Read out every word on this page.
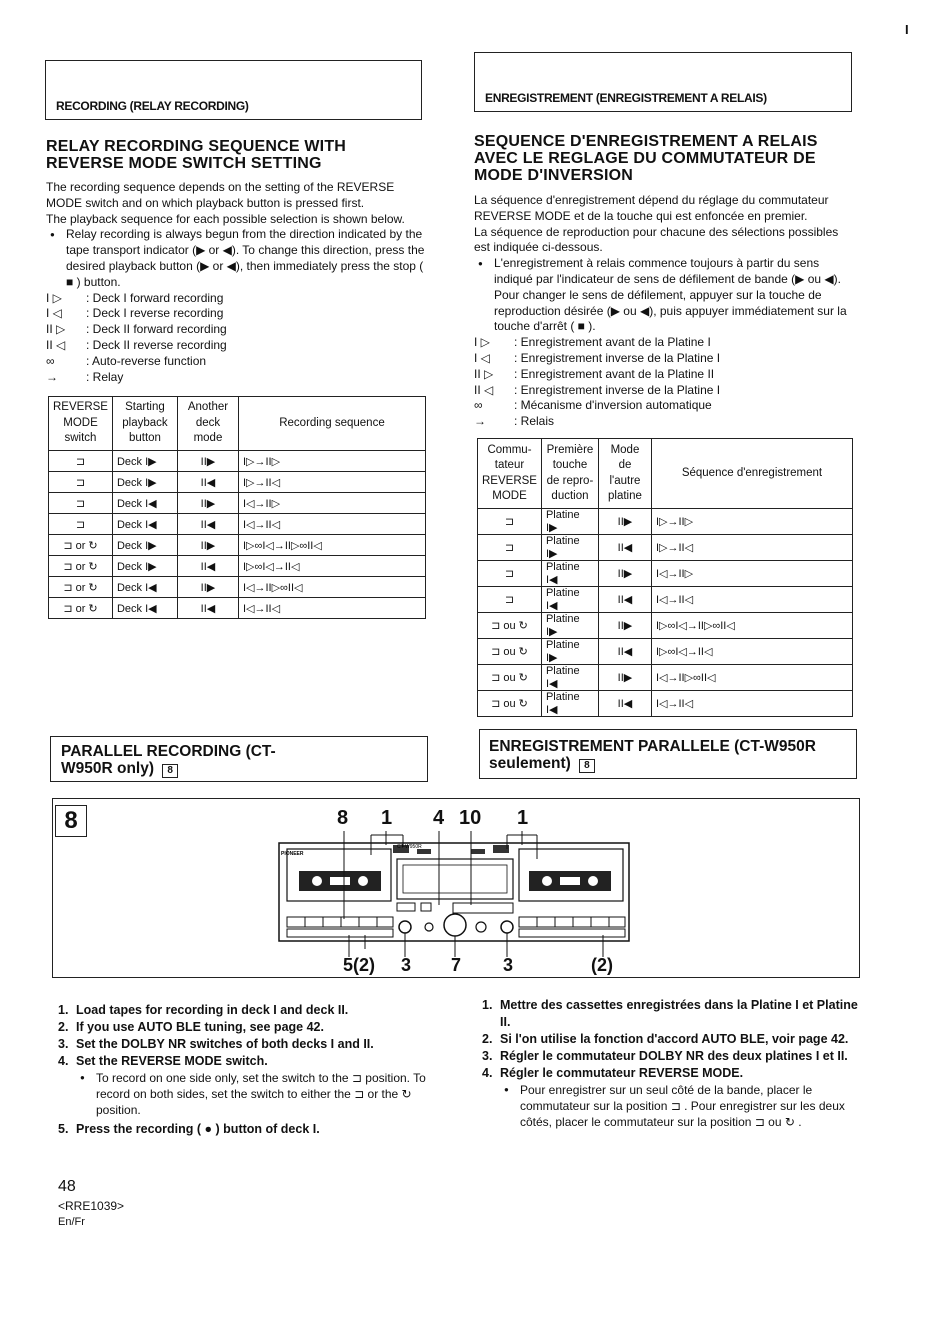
I
RECORDING (RELAY RECORDING)
RELAY RECORDING SEQUENCE WITH REVERSE MODE SWITCH SETTING

The recording sequence depends on the setting of the REVERSE MODE switch and on which playback button is pressed first.

The playback sequence for each possible selection is shown below.

● Relay recording is always begun from the direction indicated by the tape transport indicator (▶ or ◀). To change this direction, press the desired playback button (▶ or ◀), then immediately press the stop ( ■ ) button.

I ▷	: Deck I forward recording
I ◁	: Deck I reverse recording
II ▷	: Deck II forward recording
II ◁	: Deck II reverse recording
∞	: Auto-reverse function
→	: Relay
REVERSE MODE switch	Starting playback button	Another deck mode	Recording sequence
⊐	Deck I▶	II▶	I▷→II▷
⊐	Deck I▶	II◀	I▷→II◁
⊐	Deck I◀	II▶	I◁→II▷
⊐	Deck I◀	II◀	I◁→II◁
⊐ or ↻	Deck I▶	II▶	I▷∞I◁→II▷∞II◁
⊐ or ↻	Deck I▶	II◀	I▷∞I◁→II◁
⊐ or ↻	Deck I◀	II▶	I◁→II▷∞II◁
⊐ or ↻	Deck I◀	II◀	I◁→II◁
ENREGISTREMENT (ENREGISTREMENT A RELAIS)
SEQUENCE D'ENREGISTREMENT A RELAIS AVEC LE REGLAGE DU COMMUTATEUR DE MODE D'INVERSION

La séquence d'enregistrement dépend du réglage du commutateur REVERSE MODE et de la touche qui est enfoncée en premier.

La séquence de reproduction pour chacune des sélections possibles est indiquée ci-dessous.

● L'enregistrement à relais commence toujours à partir du sens indiqué par l'indicateur de sens de défilement de bande (▶ ou ◀). Pour changer le sens de défilement, appuyer sur la touche de reproduction désirée (▶ ou ◀), puis appuyer immédiatement sur la touche d'arrêt ( ■ ).

I ▷	: Enregistrement avant de la Platine I
I ◁	: Enregistrement inverse de la Platine I
II ▷	: Enregistrement avant de la Platine II
II ◁	: Enregistrement inverse de la Platine I
∞	: Mécanisme d'inversion automatique
→	: Relais
Commu-tateur REVERSE MODE	Première touche de repro-duction	Mode de l'autre platine	Séquence d'enregistrement
⊐	Platine I▶	II▶	I▷→II▷
⊐	Platine I▶	II◀	I▷→II◁
⊐	Platine I◀	II▶	I◁→II▷
⊐	Platine I◀	II◀	I◁→II◁
⊐ ou ↻	Platine I▶	II▶	I▷∞I◁→II▷∞II◁
⊐ ou ↻	Platine I▶	II◀	I▷∞I◁→II◁
⊐ ou ↻	Platine I◀	II▶	I◁→II▷∞II◁
⊐ ou ↻	Platine I◀	II◀	I◁→II◁
PARALLEL RECORDING (CT-W950R only) 8
ENREGISTREMENT PARALLELE (CT-W950R seulement) 8
8
PIONEER
CT-W950R
8 1 4 10 1
5(2) 3 7 3	(2)
1. Load tapes for recording in deck I and deck II.
2. If you use AUTO BLE tuning, see page 42.
3. Set the DOLBY NR switches of both decks I and II.
4. Set the REVERSE MODE switch.

● To record on one side only, set the switch to the ⊐ position. To record on both sides, set the switch to either the ⊐ or the ↻ position.

5. Press the recording ( ● ) button of deck I.

1. Mettre des cassettes enregistrées dans la Platine I et Platine II.
2. Si l'on utilise la fonction d'accord AUTO BLE, voir page 42.
3. Régler le commutateur DOLBY NR des deux platines I et II.
4. Régler le commutateur REVERSE MODE.

● Pour enregistrer sur un seul côté de la bande, placer le commutateur sur la position ⊐ . Pour enregistrer sur les deux côtés, placer le commutateur sur la position ⊐ ou ↻ .

48
<RRE1039>
En/Fr
